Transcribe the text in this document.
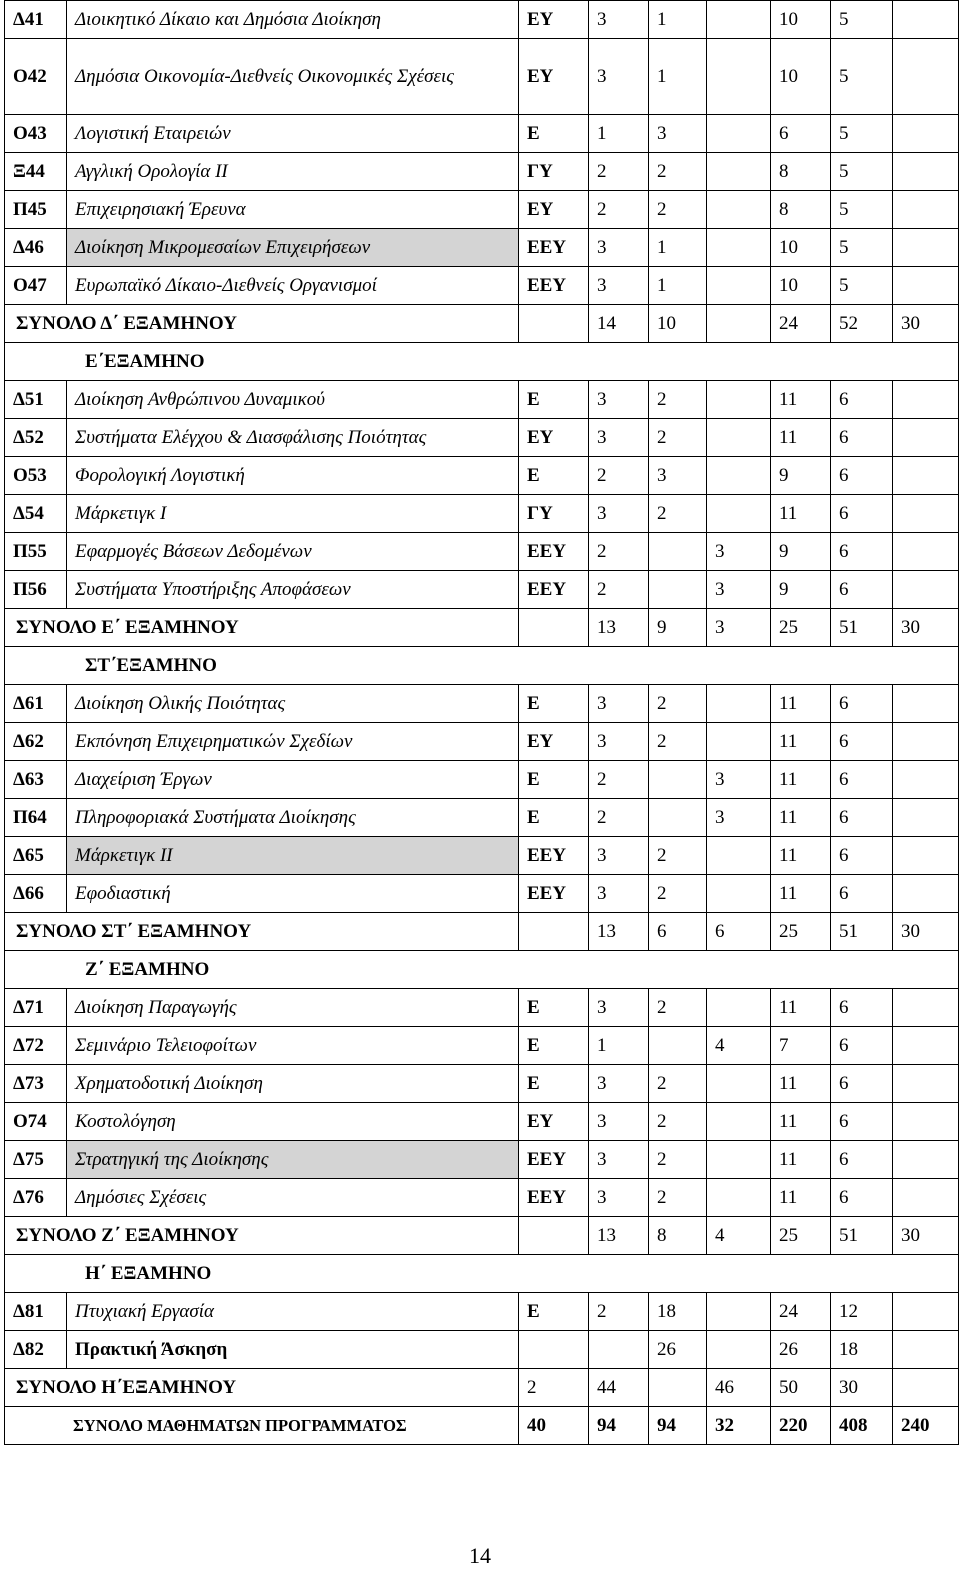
Δ41	Διοικητικό Δίκαιο και Δημόσια Διοίκηση	ΕΥ	3	1		10	5	
Ο42	Δημόσια Οικονομία-Διεθνείς Οικονομικές Σχέσεις	ΕΥ	3	1		10	5	
Ο43	Λογιστική Εταιρειών	Ε	1	3		6	5	
Ξ44	Αγγλική Ορολογία ΙΙ	ΓΥ	2	2		8	5	
Π45	Επιχειρησιακή Έρευνα	ΕΥ	2	2		8	5	
Δ46	Διοίκηση Μικρομεσαίων Επιχειρήσεων	ΕΕΥ	3	1		10	5	
Ο47	Ευρωπαϊκό Δίκαιο-Διεθνείς Οργανισμοί	ΕΕΥ	3	1		10	5	
ΣΥΝΟΛΟ Δ΄ ΕΞΑΜΗΝΟΥ			14	10		24	52	30
Ε΄ΕΞΑΜΗΝΟ								
Δ51	Διοίκηση Ανθρώπινου Δυναμικού	Ε	3	2		11	6	
Δ52	Συστήματα Ελέγχου & Διασφάλισης Ποιότητας	ΕΥ	3	2		11	6	
Ο53	Φορολογική Λογιστική	Ε	2	3		9	6	
Δ54	Μάρκετιγκ Ι	ΓΥ	3	2		11	6	
Π55	Εφαρμογές Βάσεων Δεδομένων	ΕΕΥ	2		3	9	6	
Π56	Συστήματα Υποστήριξης Αποφάσεων	ΕΕΥ	2		3	9	6	
ΣΥΝΟΛΟ Ε΄ ΕΞΑΜΗΝΟΥ			13	9	3	25	51	30
ΣΤ΄ΕΞΑΜΗΝΟ								
Δ61	Διοίκηση Ολικής Ποιότητας	Ε	3	2		11	6	
Δ62	Εκπόνηση Επιχειρηματικών Σχεδίων	ΕΥ	3	2		11	6	
Δ63	Διαχείριση Έργων	Ε	2		3	11	6	
Π64	Πληροφοριακά Συστήματα Διοίκησης	Ε	2		3	11	6	
Δ65	Μάρκετιγκ ΙΙ	ΕΕΥ	3	2		11	6	
Δ66	Εφοδιαστική	ΕΕΥ	3	2		11	6	
ΣΥΝΟΛΟ ΣΤ΄ ΕΞΑΜΗΝΟΥ			13	6	6	25	51	30
Ζ΄ ΕΞΑΜΗΝΟ								
Δ71	Διοίκηση Παραγωγής	Ε	3	2		11	6	
Δ72	Σεμινάριο Τελειοφοίτων	Ε	1		4	7	6	
Δ73	Χρηματοδοτική Διοίκηση	Ε	3	2		11	6	
Ο74	Κοστολόγηση	ΕΥ	3	2		11	6	
Δ75	Στρατηγική της Διοίκησης	ΕΕΥ	3	2		11	6	
Δ76	Δημόσιες Σχέσεις	ΕΕΥ	3	2		11	6	
ΣΥΝΟΛΟ Ζ΄ ΕΞΑΜΗΝΟΥ			13	8	4	25	51	30
Η΄ ΕΞΑΜΗΝΟ								
Δ81	Πτυχιακή Εργασία	Ε	2	18		24	12	
Δ82	Πρακτική Άσκηση			26		26	18	
ΣΥΝΟΛΟ Η΄ΕΞΑΜΗΝΟΥ		2	44		46	50	30	
ΣΥΝΟΛΟ ΜΑΘΗΜΑΤΩΝ ΠΡΟΓΡΑΜΜΑΤΟΣ		40	94	94	32	220	408	240
14
